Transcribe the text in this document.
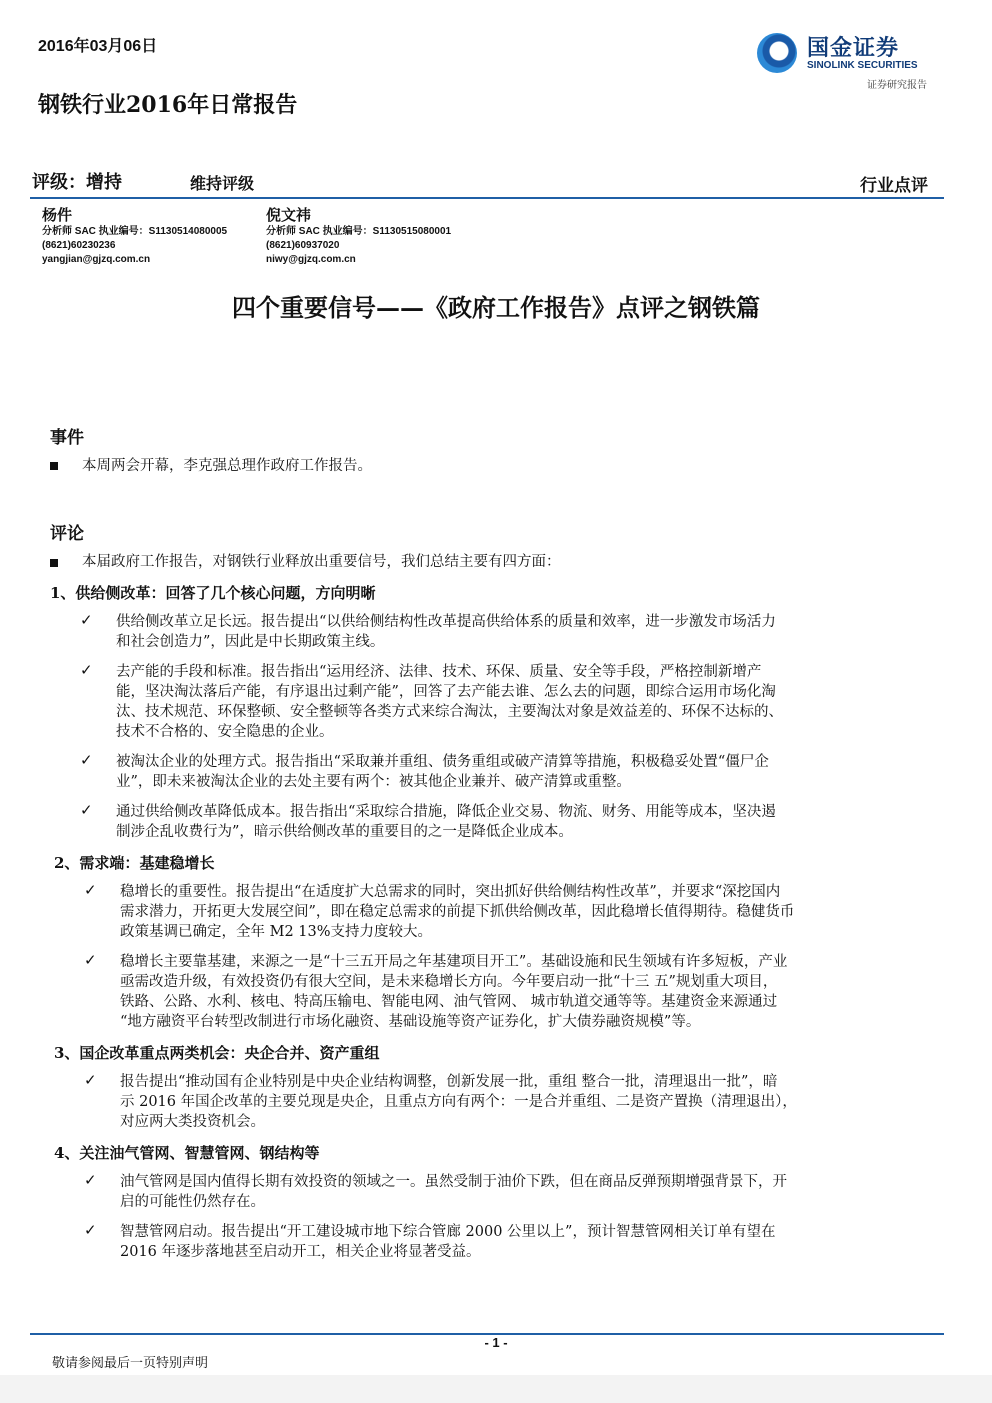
2016年03月06日	国金证券
SINOLINK SECURITIES
证券研究报告
钢铁行业2016年日常报告
评级：增持	维持评级	行业点评
杨件
分析师 SAC 执业编号：S1130514080005
(8621)60230236
yangjian@gjzq.com.cn
倪文祎
分析师 SAC 执业编号：S1130515080001
(8621)60937020
niwy@gjzq.com.cn
四个重要信号——《政府工作报告》点评之钢铁篇
事件
本周两会开幕，李克强总理作政府工作报告。
评论
本届政府工作报告，对钢铁行业释放出重要信号，我们总结主要有四方面：
1、供给侧改革：回答了几个核心问题，方向明晰
✓ 供给侧改革立足长远。报告提出“以供给侧结构性改革提高供给体系的质量和效率，进一步激发市场活力
和社会创造力”，因此是中长期政策主线。
✓ 去产能的手段和标准。报告指出“运用经济、法律、技术、环保、质量、安全等手段，严格控制新增产
能，坚决淘汰落后产能，有序退出过剩产能”，回答了去产能去谁、怎么去的问题，即综合运用市场化淘
汰、技术规范、环保整顿、安全整顿等各类方式来综合淘汰，主要淘汰对象是效益差的、环保不达标的、
技术不合格的、安全隐患的企业。
✓ 被淘汰企业的处理方式。报告指出“采取兼并重组、债务重组或破产清算等措施，积极稳妥处置“僵尸企
业”，即未来被淘汰企业的去处主要有两个：被其他企业兼并、破产清算或重整。
✓ 通过供给侧改革降低成本。报告指出“采取综合措施，降低企业交易、物流、财务、用能等成本，坚决遏
制涉企乱收费行为”，暗示供给侧改革的重要目的之一是降低企业成本。
2、需求端：基建稳增长
✓ 稳增长的重要性。报告提出“在适度扩大总需求的同时，突出抓好供给侧结构性改革”，并要求“深挖国内
需求潜力，开拓更大发展空间”，即在稳定总需求的前提下抓供给侧改革，因此稳增长值得期待。稳健货币
政策基调已确定，全年 M2 13%支持力度较大。
✓ 稳增长主要靠基建，来源之一是“十三五开局之年基建项目开工”。基础设施和民生领域有许多短板，产业
亟需改造升级，有效投资仍有很大空间，是未来稳增长方向。今年要启动一批“十三 五”规划重大项目，
铁路、公路、水利、核电、特高压输电、智能电网、油气管网、 城市轨道交通等等。基建资金来源通过
“地方融资平台转型改制进行市场化融资、基础设施等资产证券化，扩大债券融资规模”等。
3、国企改革重点两类机会：央企合并、资产重组
✓ 报告提出“推动国有企业特别是中央企业结构调整，创新发展一批，重组 整合一批，清理退出一批”，暗
示 2016 年国企改革的主要兑现是央企，且重点方向有两个：一是合并重组、二是资产置换（清理退出），
对应两大类投资机会。
4、关注油气管网、智慧管网、钢结构等
✓ 油气管网是国内值得长期有效投资的领域之一。虽然受制于油价下跌，但在商品反弹预期增强背景下，开
启的可能性仍然存在。
✓ 智慧管网启动。报告提出“开工建设城市地下综合管廊 2000 公里以上”，预计智慧管网相关订单有望在
2016 年逐步落地甚至启动开工，相关企业将显著受益。
- 1 -
敬请参阅最后一页特别声明
